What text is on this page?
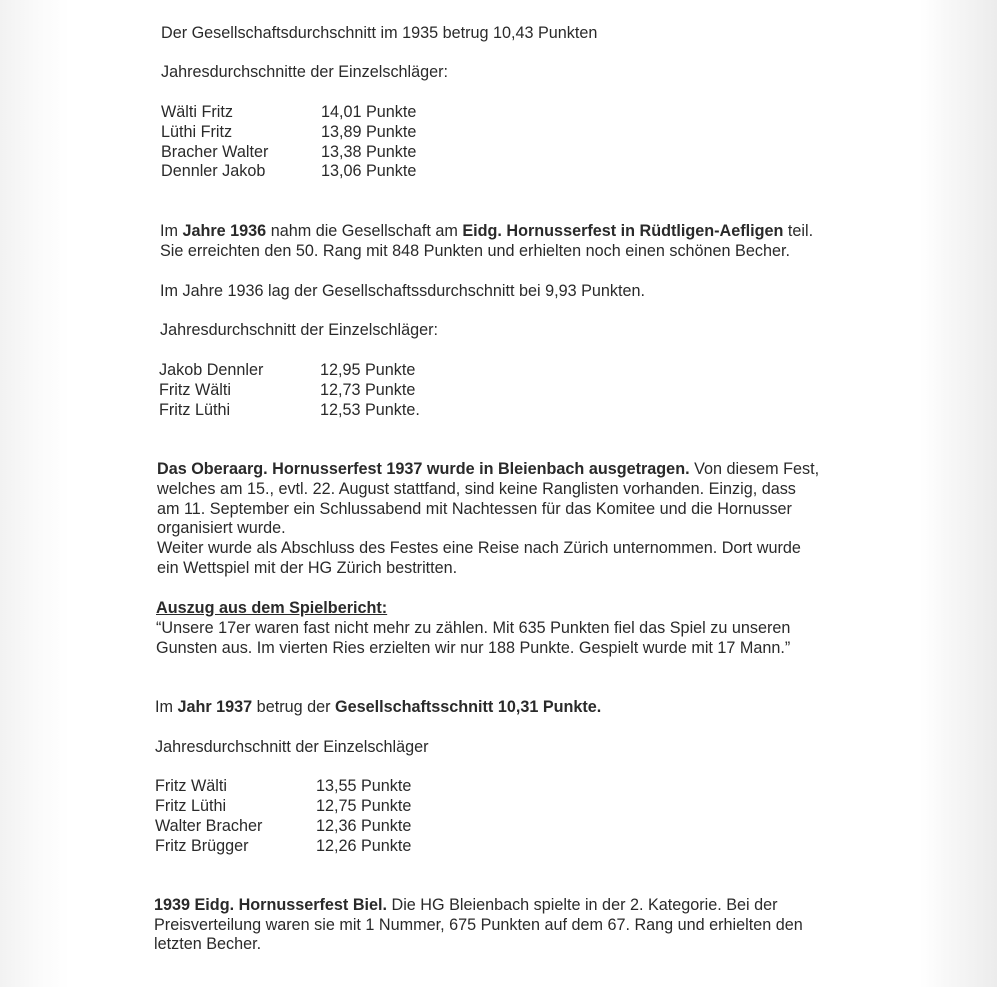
Der Gesellschaftsdurchschnitt im 1935 betrug 10,43 Punkten

Jahresdurchschnitte der Einzelschläger:

Wälti Fritz	14,01 Punkte
Lüthi Fritz	13,89 Punkte
Bracher Walter	13,38 Punkte
Dennler Jakob	13,06 Punkte

Im Jahre 1936 nahm die Gesellschaft am Eidg. Hornusserfest in Rüdtligen-Aefligen teil.

Sie erreichten den 50. Rang mit 848 Punkten und erhielten noch einen schönen Becher.

Im Jahre 1936 lag der Gesellschaftssdurchschnitt bei 9,93 Punkten.

Jahresdurchschnitt der Einzelschläger:

Jakob Dennler	12,95 Punkte
Fritz Wälti	12,73 Punkte
Fritz Lüthi	12,53 Punkte.

Das Oberaarg. Hornusserfest 1937 wurde in Bleienbach ausgetragen. Von diesem Fest,

welches am 15., evtl. 22. August stattfand, sind keine Ranglisten vorhanden. Einzig, dass

am 11. September ein Schlussabend mit Nachtessen für das Komitee und die Hornusser

organisiert wurde.

Weiter wurde als Abschluss des Festes eine Reise nach Zürich unternommen. Dort wurde

ein Wettspiel mit der HG Zürich bestritten.

Auszug aus dem Spielbericht:

“Unsere 17er waren fast nicht mehr zu zählen. Mit 635 Punkten fiel das Spiel zu unseren

Gunsten aus. Im vierten Ries erzielten wir nur 188 Punkte. Gespielt wurde mit 17 Mann.”

Im Jahr 1937 betrug der Gesellschaftsschnitt 10,31 Punkte.

Jahresdurchschnitt der Einzelschläger

Fritz Wälti	13,55 Punkte
Fritz Lüthi	12,75 Punkte
Walter Bracher	12,36 Punkte
Fritz Brügger	12,26 Punkte

1939 Eidg. Hornusserfest Biel. Die HG Bleienbach spielte in der 2. Kategorie. Bei der

Preisverteilung waren sie mit 1 Nummer, 675 Punkten auf dem 67. Rang und erhielten den

letzten Becher.
